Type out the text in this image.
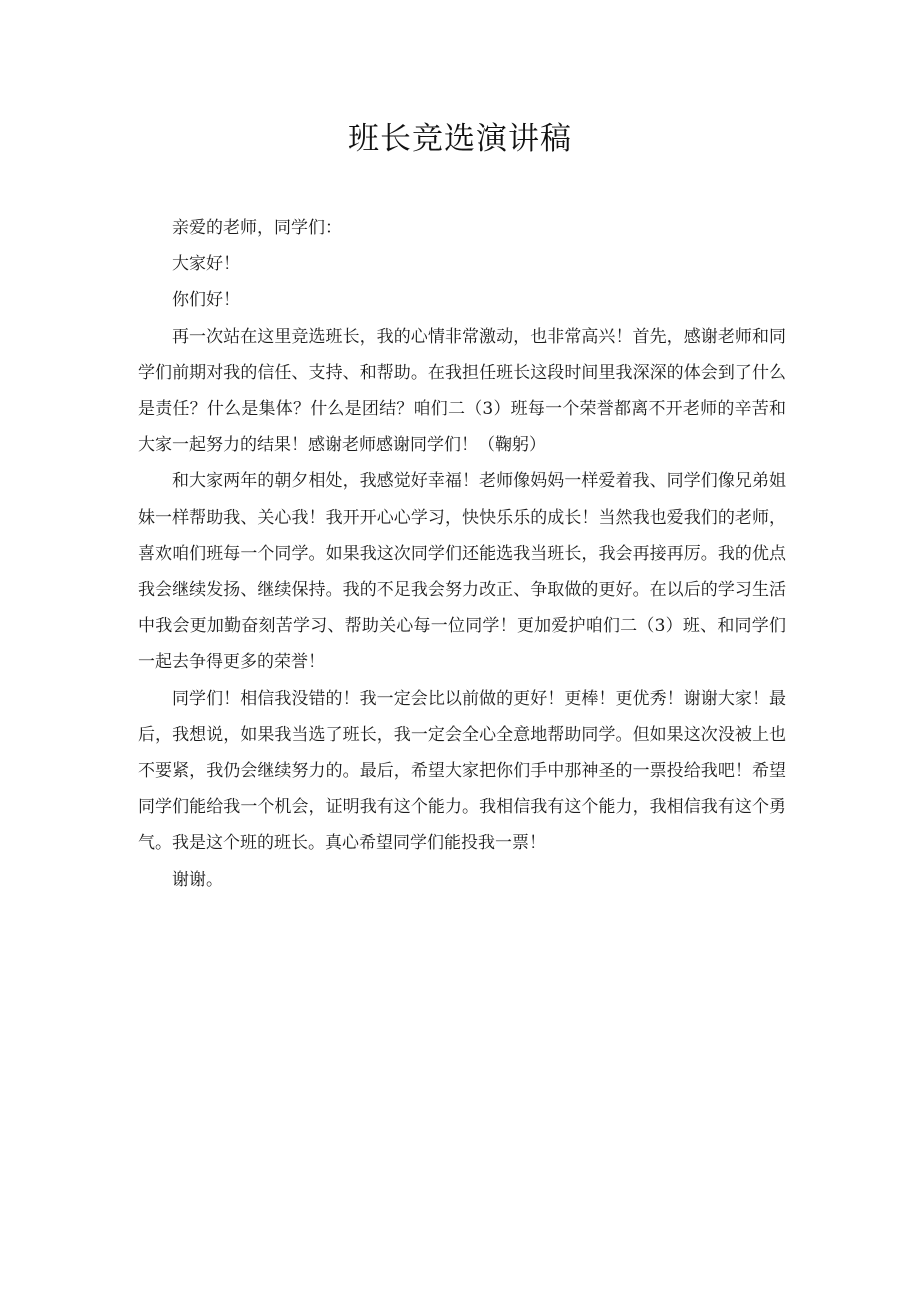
班长竞选演讲稿

亲爱的老师，同学们：

大家好！

你们好！

再一次站在这里竞选班长，我的心情非常激动，也非常高兴！首先，感谢老师和同学们前期对我的信任、支持、和帮助。在我担任班长这段时间里我深深的体会到了什么是责任？什么是集体？什么是团结？咱们二（3）班每一个荣誉都离不开老师的辛苦和大家一起努力的结果！感谢老师感谢同学们！（鞠躬）

和大家两年的朝夕相处，我感觉好幸福！老师像妈妈一样爱着我、同学们像兄弟姐妹一样帮助我、关心我！我开开心心学习，快快乐乐的成长！当然我也爱我们的老师，喜欢咱们班每一个同学。如果我这次同学们还能选我当班长，我会再接再厉。我的优点我会继续发扬、继续保持。我的不足我会努力改正、争取做的更好。在以后的学习生活中我会更加勤奋刻苦学习、帮助关心每一位同学！更加爱护咱们二（3）班、和同学们一起去争得更多的荣誉！

同学们！相信我没错的！我一定会比以前做的更好！更棒！更优秀！谢谢大家！最后，我想说，如果我当选了班长，我一定会全心全意地帮助同学。但如果这次没被上也不要紧，我仍会继续努力的。最后，希望大家把你们手中那神圣的一票投给我吧！希望同学们能给我一个机会，证明我有这个能力。我相信我有这个能力，我相信我有这个勇气。我是这个班的班长。真心希望同学们能投我一票！

谢谢。
